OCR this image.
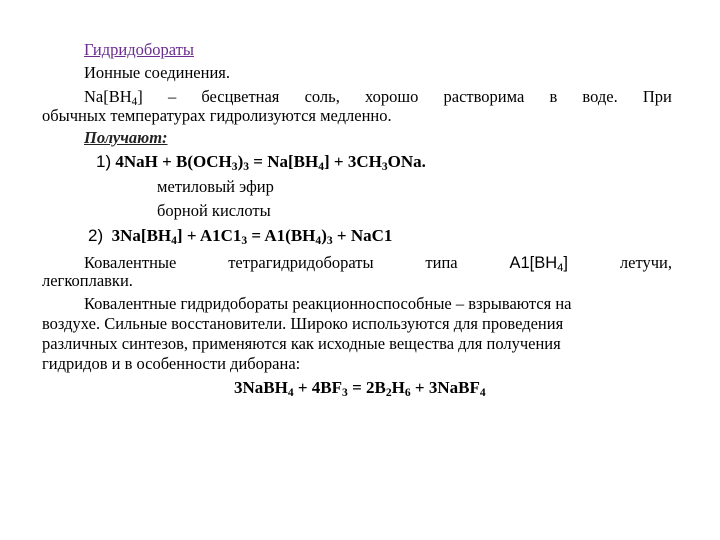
Гидридобораты
Ионные соединения.
$Na[BH_4]$ – бесцветная соль, хорошо растворима в воде. При
обычных температурах гидролизуются медленно.
Получают:
1) $4NaH + B(OCH_3)_3 = Na[BH_4] + 3CH_3ONa$.
метиловый эфир
борной кислоты
2) $3Na[BH_4] + A1C1_3 = A1(BH_4)_3 + NaC1$
Ковалентные	тетрагидридобораты	типа	$A1[BH_4]$	летучи,
легкоплавки.
Ковалентные гидридобораты реакционноспособные – взрываются на
воздухе. Сильные восстановители. Широко используются для проведения
различных синтезов, применяются как исходные вещества для получения
гидридов и в особенности диборана:
3NaBH$_4$ + $4BF_3 = 2B_2H_6$ + 3NaBF$_4$
